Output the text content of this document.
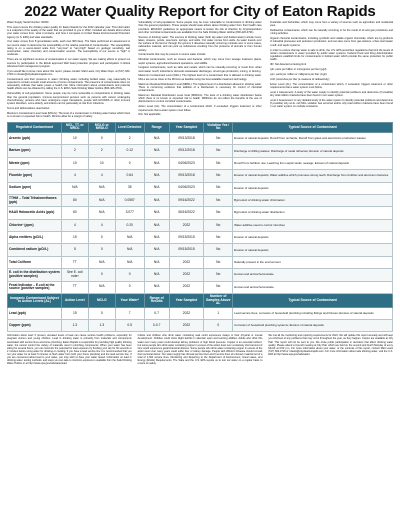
2022 Water Quality Report for City of Eaton Rapids

Water Supply Serial Number: 02030

This report covers the drinking water quality for Eaton Rapids for the 2022 calendar year. This information is a snapshot of the quality of the water that we provided to you in 2022. Included are details about where your water comes from, what it contains, and how it compares to United States Environmental Protection Agency (U.S. EPA) and state standards.

Your water comes from 8 groundwater wells, each over 90ft deep. The State performed an assessment of our source water to determine the susceptibility or the relative potential of contamination. The susceptibility rating is on a seven-tiered scale from "very-low" to "very-high" based on geologic sensitivity, well construction, water chemistry and contamination sources. The susceptibility of our source is "high" to moderate.

There are no significant sources of contamination in our water supply. We are making efforts to protect our sources by participation in the EGLE approved Well head protection program and participation in EGLE Advanced well management program.

If you would like to know more about this report, please contact: Matt Lewis, City Water Dept. at (517) 663-4718 or mlewis@cityofeatonrapids.com.

Contaminants and their presence in water: Drinking water, including bottled water, may reasonably be expected to contain at least small amounts of some contaminants. The presence of contaminants does not necessarily indicate that water poses a health risk. More information about contaminants and potential health effects can be obtained by calling the U.S. EPA's Safe Drinking Water Hotline (800-426-4791).

Vulnerability of sub-populations: Some people may be more vulnerable to contaminants in drinking water than the general population. Immuno-compromised persons such as persons with cancer undergoing chemotherapy, persons who have undergone organ transplants, people with HIV/AIDS or other immune system disorders, some elderly, and infants can be particularly at risk from infections.

Terms and abbreviations used below:

Maximum Contaminant Level Goal (MCLG): The level of a contaminant in drinking water below which there is no known or expected risk to health. MCLGs allow for a margin of safety.

Vulnerability of sub-populations: Some people may be more vulnerable to contaminants in drinking water than the general population. These people should seek advice about drinking water from their health care providers. EPA/CDC guidelines on appropriate means to lessen the risk of infection by Cryptosporidium and other microbial contaminants are available from the Safe Drinking Water Hotline (800-426-4791).

Sources of drinking water: The sources of drinking water (both tap water and bottled water) include rivers, lakes, streams, ponds, reservoirs, springs, and wells. Our water comes from wells. As water travels over the surface of the land or through the ground, it dissolves naturally occurring minerals and, in some cases, radioactive material, and can pick up substances resulting from the presence of animals or from human activity.

Contaminants that may be present in source water include:

Microbial contaminants, such as viruses and bacteria, which may come from sewage treatment plants, septic systems, agricultural livestock operations, and wildlife.

Inorganic contaminants, such as salts and metals, which can be naturally-occurring or result from urban stormwater runoff, industrial or domestic wastewater discharges, oil and gas production, mining, or farming.

Maximum Contaminant Level (MCL): The highest level of a contaminant that is allowed in drinking water. MCLs are set as close to the MCLGs as feasible using the best available treatment technology.

Maximum Residual Disinfectant Level (MRDL): The highest level of a disinfectant allowed in drinking water. There is convincing evidence that addition of a disinfectant is necessary for control of microbial contaminants.

Maximum Residual Disinfectant Level Goal (MRDLG): The level of a drinking water disinfectant below which there is no known or expected risk to health. MRDLGs do not reflect the benefits of the use of disinfectants to control microbial contaminants.

Action Level (AL): The concentration of a contaminant which, if exceeded, triggers treatment or other requirements that a water system must follow.

N/A: Not applicable

Pesticides and herbicides, which may come from a variety of sources such as agriculture and residential uses.

Radioactive contaminants, which can be naturally occurring or be the result of oil and gas production and mining activities.

Organic chemical contaminants, including synthetic and volatile organic chemicals, which are by-products of industrial processes and petroleum production, and can also come from gas stations, urban stormwater runoff, and septic systems.

In order to ensure that tap water is safe to drink, the U.S. EPA prescribes regulations that limit the levels of certain contaminants in water provided by public water systems. Federal Food and Drug Administration regulations establish limits for contaminants in bottled water which provide the same protection for public health.

ND: Not detected at testing limit

ppb: parts per billion or micrograms per liter (µg/l)

ppm: parts per million or milligrams per liter (mg/l)

pCi/l: picocuries per liter (a measure of radioactivity)

Action Level (AL): The concentration of a contaminant which, if exceeded, triggers treatment or other requirements that a water system must follow.

Level 1 Assessment: A study of the water supply to identify potential problems and determine (if possible) why total coliform bacteria have been found in our water system.

Level 2 Assessment: A very detailed study of the water system to identify potential problems and determine (if possible) why an E. coli MCL violation has occurred and/or why total coliform bacteria have been found in our water system on multiple occasions.

Regulated Contaminant	MCL, TT, or MRDL	MCLG or MRDLG	Level Detected	Range	Year Sampled	Violation Yes / No	Typical Source of Contaminant
Arsenic (ppb)	10	0	2	N/A	09/13/2018	No	Erosion of natural deposits; Runoff from orchards; Runoff from glass and electronics production wastes
Barium (ppm)	2	2	0.12	N/A	09/12/2018	No	Discharge of drilling wastes; Discharge of metal refineries; Erosion of natural deposits
Nitrate (ppm)	10	10	0	N/A	04/06/2023	No	Runoff from fertilizer use; Leaching from septic tanks, sewage; Erosion of natural deposits
Fluoride (ppm)	4	4	0.64	N/A	09/13/2018	No	Erosion of natural deposits; Water additive which promotes strong teeth; Discharge from fertilizer and aluminum factories
Sodium (ppm)	N/A	N/A	35	N/A	04/06/2023	No	Erosion of natural deposits
TTHM – Total Trihalomethanes (ppb)	80	N/A	0.0557	N/A	09/16/2022	No	Byproduct of drinking water chlorination
HAA5 Haloacetic Acids (ppb)	60	N/A	3.077	N/A	06/16/2022	No	Byproduct of drinking water disinfection
Chlorine¹ (ppm)	4	4	0.20	N/A	2022	No	Water additive used to control microbes
Alpha emitters (pCi/L)	15	0	N/A	N/A	09/15/2015	No	Erosion of natural deposits
Combined radium (pCi/L)	5	0	N/A	N/A	09/15/2015	No	Erosion of natural deposits
Total Coliform	TT	N/A	N/A	N/A	2022	No	Naturally present in the environment
E. coli in the distribution system (positive samples)	See E. coli note³	0	0	N/A	2022	No	Human and animal fecal waste
Fecal Indicator – E.coli at the source (positive samples)	TT	N/A	0	N/A	2022	No	Human and animal fecal waste
Inorganic Contaminant Subject to Action Levels (AL)	Action Level	MCLG	Your Water²	Range of Results	Year Sampled	Number of Samples Above AL	Typical Source of Contaminant
Lead (ppb)	15	0	7	0-7	2022	1	Lead service lines, corrosion of household plumbing including fittings and fixtures; Erosion of natural deposits
Copper (ppm)	1.3	1.3	0.5	0-0.7	2022	0	Corrosion of household plumbing systems; Erosion of natural deposits

Information about lead: If present, elevated levels of lead can cause serious health problems, especially for pregnant women and young children. Lead in drinking water is primarily from materials and components associated with service lines and home plumbing. Eaton Rapids is responsible for providing high quality drinking water, but cannot control the variety of materials used in plumbing components. When your water has been sitting for several hours, you can minimize the potential for lead exposure by flushing your tap for 30 seconds to 2 minutes before using water for drinking or cooking. If you have a lead service line it is recommended that you run your water for at least 5 minutes to flush water from both your home plumbing and the lead service line. If you are concerned about lead in your water, you may wish to have your water tested. Information on lead in drinking water, testing methods, and steps you can take to minimize exposure is available from the Safe Drinking Water Hotline or at http://www.epa.gov/safewater/lead.

Infants and children who drink water containing lead could experience delays in their physical or mental development. Children could show slight deficits in attention span and learning abilities. Adults who drink this water over many years could develop kidney problems or high blood pressure. Copper is an essential nutrient, but some people who drink water containing copper in excess of the action level over a relatively short amount of time could experience gastrointestinal distress. Some people who drink water containing copper in excess of the action level over many years could suffer liver or kidney damage. People with Wilson's Disease should consult their personal doctor. Our water supply has 42 lead service lines and 0 service lines of unknown material out of a total of 2,300 service lines. Monitoring and Reporting to the Department of Environment, Great Lakes, and Energy (EGLE) Requirements: The State and the U.S. EPA require us to test our water on a regular basis to ensure its safety.

We met all the monitoring and reporting requirements for 2022. We will update this report annually and will keep you informed of any problems that may occur throughout the year, as they happen. Copies are available at City Hall. This report will not be sent to you. We invite public participation in decisions that affect drinking water quality. Please attend a Council meeting at City Hall, which are held on the second and fourth Monday of every Month at 6:00 p.m. For more information about your water, or the contents of this report, contact Matt Lewis (517) 663-4718 or mlewis@cityofeatonrapids.com. For more information about safe drinking water, visit the U.S. EPA at http://www.epa.gov/safewater/.
